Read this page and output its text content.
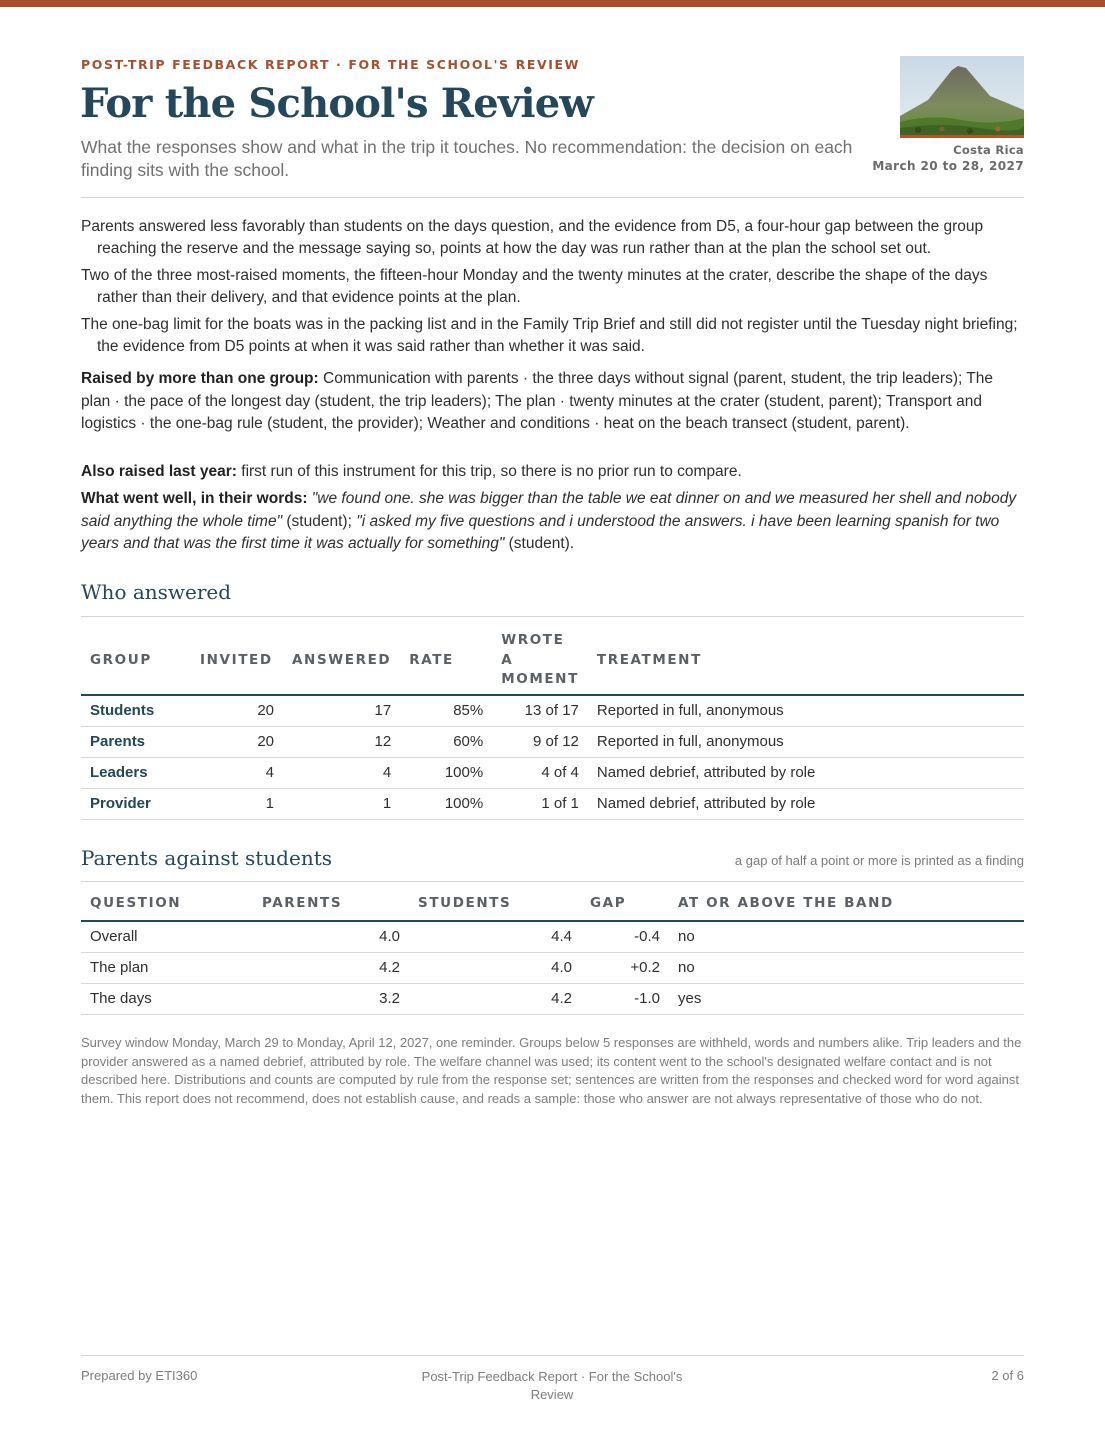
POST-TRIP FEEDBACK REPORT · FOR THE SCHOOL'S REVIEW
For the School's Review
What the responses show and what in the trip it touches. No recommendation: the decision on each finding sits with the school.
Costa Rica
March 20 to 28, 2027

Parents answered less favorably than students on the days question, and the evidence from D5, a four-hour gap between the group reaching the reserve and the message saying so, points at how the day was run rather than at the plan the school set out.

Two of the three most-raised moments, the fifteen-hour Monday and the twenty minutes at the crater, describe the shape of the days rather than their delivery, and that evidence points at the plan.

The one-bag limit for the boats was in the packing list and in the Family Trip Brief and still did not register until the Tuesday night briefing; the evidence from D5 points at when it was said rather than whether it was said.

Raised by more than one group: Communication with parents · the three days without signal (parent, student, the trip leaders); The plan · the pace of the longest day (student, the trip leaders); The plan · twenty minutes at the crater (student, parent); Transport and logistics · the one-bag rule (student, the provider); Weather and conditions · heat on the beach transect (student, parent).

Also raised last year: first run of this instrument for this trip, so there is no prior run to compare.

What went well, in their words: "we found one. she was bigger than the table we eat dinner on and we measured her shell and nobody said anything the whole time" (student); "i asked my five questions and i understood the answers. i have been learning spanish for two years and that was the first time it was actually for something" (student).

Who answered
GROUP	INVITED	ANSWERED	RATE	WROTE A MOMENT	TREATMENT
Students	20	17	85%	13 of 17	Reported in full, anonymous
Parents	20	12	60%	9 of 12	Reported in full, anonymous
Leaders	4	4	100%	4 of 4	Named debrief, attributed by role
Provider	1	1	100%	1 of 1	Named debrief, attributed by role
Parents against students	a gap of half a point or more is printed as a finding
QUESTION	PARENTS	STUDENTS	GAP	AT OR ABOVE THE BAND
Overall	4.0	4.4	-0.4	no
The plan	4.2	4.0	+0.2	no
The days	3.2	4.2	-1.0	yes

Survey window Monday, March 29 to Monday, April 12, 2027, one reminder. Groups below 5 responses are withheld, words and numbers alike. Trip leaders and the provider answered as a named debrief, attributed by role. The welfare channel was used; its content went to the school's designated welfare contact and is not described here. Distributions and counts are computed by rule from the response set; sentences are written from the responses and checked word for word against them. This report does not recommend, does not establish cause, and reads a sample: those who answer are not always representative of those who do not.

Prepared by ETI360	Post-Trip Feedback Report · For the School's Review
2 of 6
